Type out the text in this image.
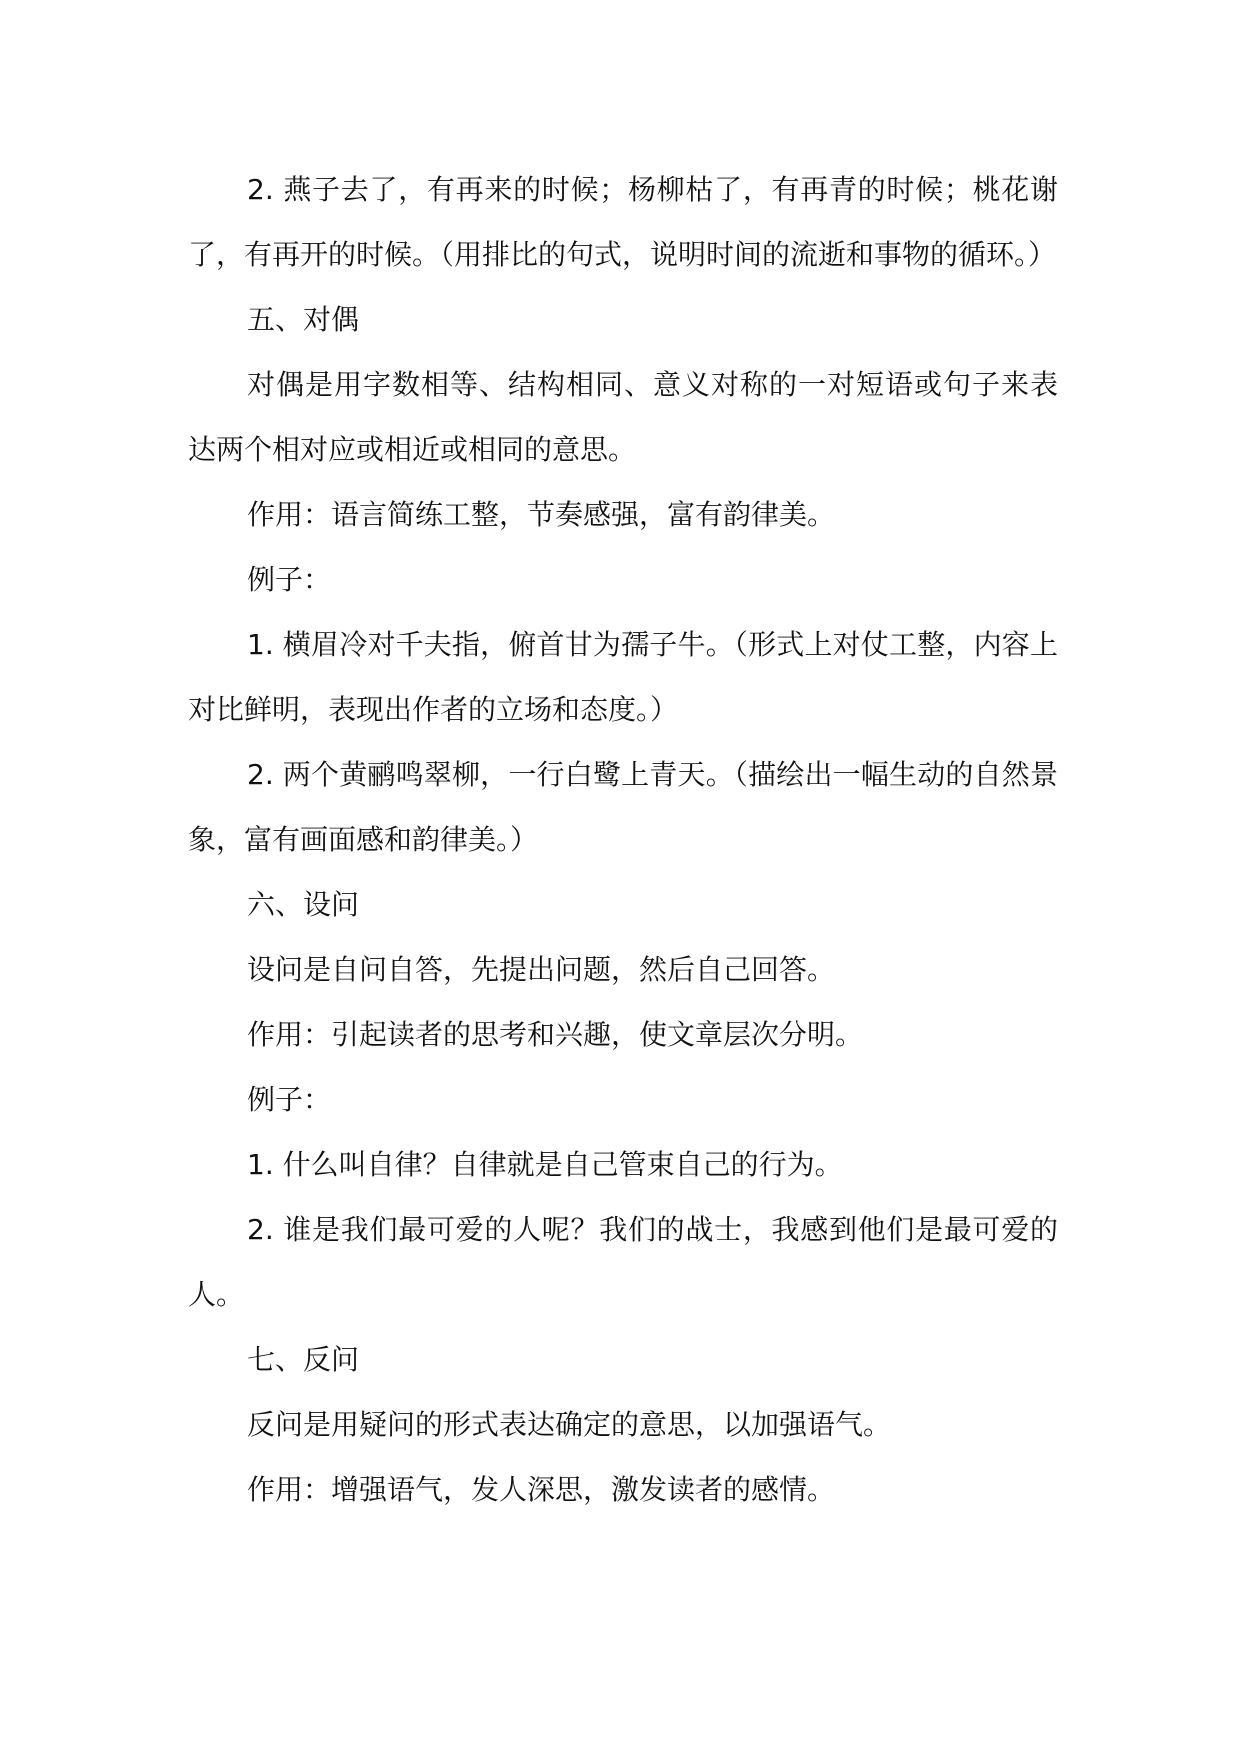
2. 燕子去了，有再来的时候；杨柳枯了，有再青的时候；桃花谢了，有再开的时候。（用排比的句式，说明时间的流逝和事物的循环。）

五、对偶

对偶是用字数相等、结构相同、意义对称的一对短语或句子来表达两个相对应或相近或相同的意思。

作用：语言简练工整，节奏感强，富有韵律美。

例子：

1. 横眉冷对千夫指，俯首甘为孺子牛。（形式上对仗工整，内容上对比鲜明，表现出作者的立场和态度。）

2. 两个黄鹂鸣翠柳，一行白鹭上青天。（描绘出一幅生动的自然景象，富有画面感和韵律美。）

六、设问

设问是自问自答，先提出问题，然后自己回答。

作用：引起读者的思考和兴趣，使文章层次分明。

例子：

1. 什么叫自律？自律就是自己管束自己的行为。

2. 谁是我们最可爱的人呢？我们的战士，我感到他们是最可爱的人。

七、反问

反问是用疑问的形式表达确定的意思，以加强语气。

作用：增强语气，发人深思，激发读者的感情。
